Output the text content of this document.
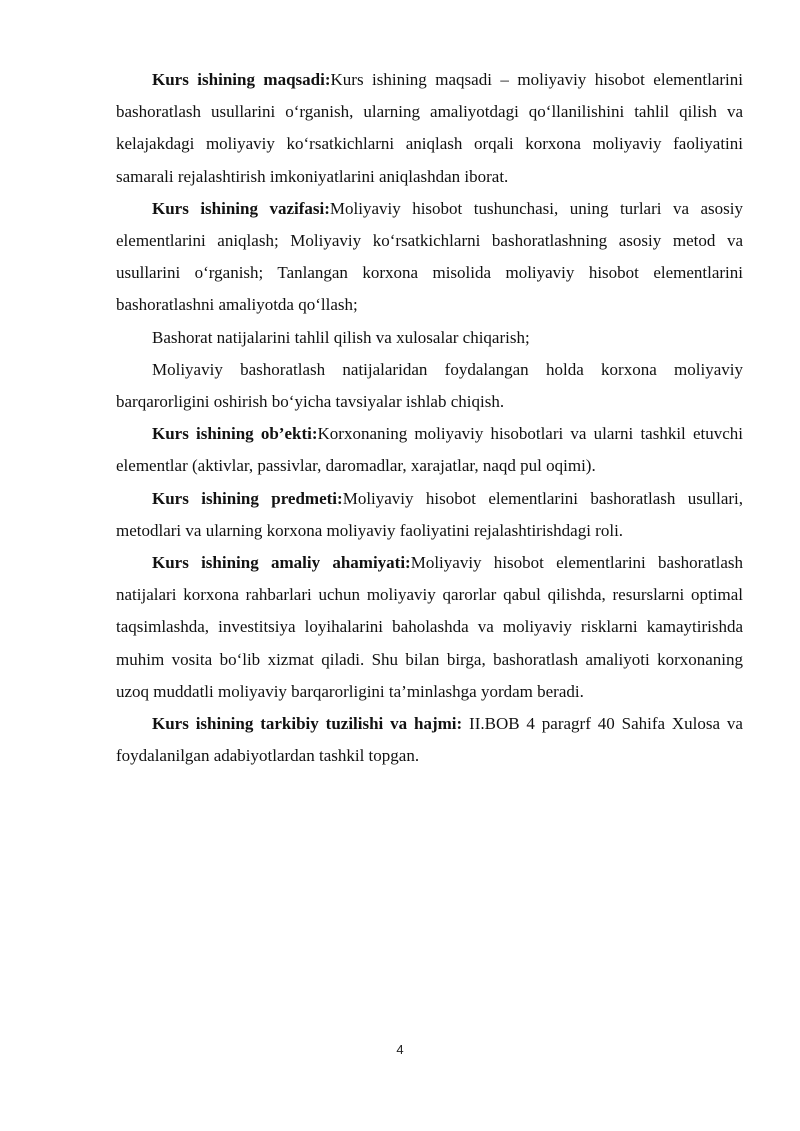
Kurs ishining maqsadi:Kurs ishining maqsadi – moliyaviy hisobot elementlarini bashoratlash usullarini o‘rganish, ularning amaliyotdagi qo‘llanilishini tahlil qilish va kelajakdagi moliyaviy ko‘rsatkichlarni aniqlash orqali korxona moliyaviy faoliyatini samarali rejalashtirish imkoniyatlarini aniqlashdan iborat.

Kurs ishining vazifasi:Moliyaviy hisobot tushunchasi, uning turlari va asosiy elementlarini aniqlash; Moliyaviy ko‘rsatkichlarni bashoratlashning asosiy metod va usullarini o‘rganish; Tanlangan korxona misolida moliyaviy hisobot elementlarini bashoratlashni amaliyotda qo‘llash;

Bashorat natijalarini tahlil qilish va xulosalar chiqarish;

Moliyaviy bashoratlash natijalaridan foydalangan holda korxona moliyaviy barqarorligini oshirish bo‘yicha tavsiyalar ishlab chiqish.

Kurs ishining ob’ekti:Korxonaning moliyaviy hisobotlari va ularni tashkil etuvchi elementlar (aktivlar, passivlar, daromadlar, xarajatlar, naqd pul oqimi).

Kurs ishining predmeti:Moliyaviy hisobot elementlarini bashoratlash usullari, metodlari va ularning korxona moliyaviy faoliyatini rejalashtirishdagi roli.

Kurs ishining amaliy ahamiyati:Moliyaviy hisobot elementlarini bashoratlash natijalari korxona rahbarlari uchun moliyaviy qarorlar qabul qilishda, resurslarni optimal taqsimlashda, investitsiya loyihalarini baholashda va moliyaviy risklarni kamaytirishda muhim vosita bo‘lib xizmat qiladi. Shu bilan birga, bashoratlash amaliyoti korxonaning uzoq muddatli moliyaviy barqarorligini ta’minlashga yordam beradi.

Kurs ishining tarkibiy tuzilishi va hajmi: II.BOB 4 paragrf 40 Sahifa Xulosa va foydalanilgan adabiyotlardan tashkil topgan.

4
